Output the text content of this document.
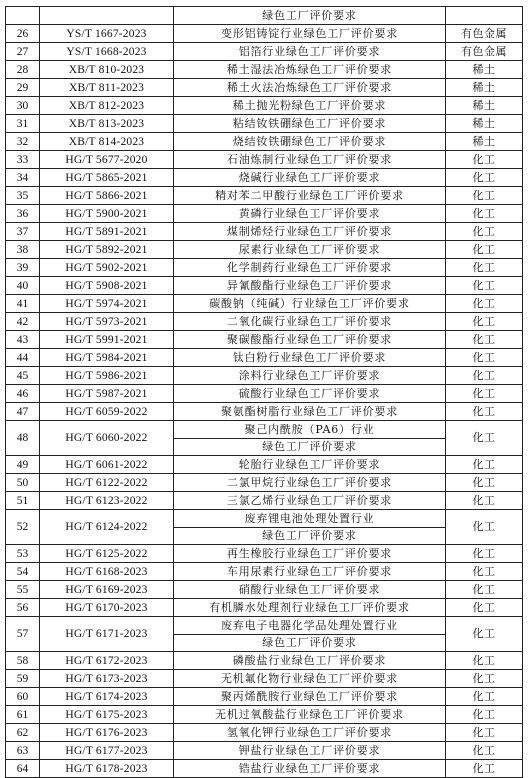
		绿色工厂评价要求	
26	YS/T 1667-2023	变形铝铸锭行业绿色工厂评价要求	有色金属
27	YS/T 1668-2023	铝箔行业绿色工厂评价要求	有色金属
28	XB/T 810-2023	稀土湿法冶炼绿色工厂评价要求	稀土
29	XB/T 811-2023	稀土火法冶炼绿色工厂评价要求	稀土
30	XB/T 812-2023	稀土抛光粉绿色工厂评价要求	稀土
31	XB/T 813-2023	粘结钕铁硼绿色工厂评价要求	稀土
32	XB/T 814-2023	烧结钕铁硼绿色工厂评价要求	稀土
33	HG/T 5677-2020	石油炼制行业绿色工厂评价要求	化工
34	HG/T 5865-2021	烧碱行业绿色工厂评价要求	化工
35	HG/T 5866-2021	精对苯二甲酸行业绿色工厂评价要求	化工
36	HG/T 5900-2021	黄磷行业绿色工厂评价要求	化工
37	HG/T 5891-2021	煤制烯烃行业绿色工厂评价要求	化工
38	HG/T 5892-2021	尿素行业绿色工厂评价要求	化工
39	HG/T 5902-2021	化学制药行业绿色工厂评价要求	化工
40	HG/T 5908-2021	异氰酸酯行业绿色工厂评价要求	化工
41	HG/T 5974-2021	碳酸钠（纯碱）行业绿色工厂评价要求	化工
42	HG/T 5973-2021	二氧化碳行业绿色工厂评价要求	化工
43	HG/T 5991-2021	聚碳酸酯行业绿色工厂评价要求	化工
44	HG/T 5984-2021	钛白粉行业绿色工厂评价要求	化工
45	HG/T 5986-2021	涂料行业绿色工厂评价要求	化工
46	HG/T 5987-2021	硫酸行业绿色工厂评价要求	化工
47	HG/T 6059-2022	聚氨酯树脂行业绿色工厂评价要求	化工
48	HG/T 6060-2022	聚己内酰胺（PA6）行业
绿色工厂评价要求	化工
49	HG/T 6061-2022	轮胎行业绿色工厂评价要求	化工
50	HG/T 6122-2022	二氯甲烷行业绿色工厂评价要求	化工
51	HG/T 6123-2022	三氯乙烯行业绿色工厂评价要求	化工
52	HG/T 6124-2022	废弃锂电池处理处置行业
绿色工厂评价要求	化工
53	HG/T 6125-2022	再生橡胶行业绿色工厂评价要求	化工
54	HG/T 6168-2023	车用尿素行业绿色工厂评价要求	化工
55	HG/T 6169-2023	硝酸行业绿色工厂评价要求	化工
56	HG/T 6170-2023	有机膦水处理剂行业绿色工厂评价要求	化工
57	HG/T 6171-2023	废弃电子电器化学品处理处置行业
绿色工厂评价要求	化工
58	HG/T 6172-2023	磷酸盐行业绿色工厂评价要求	化工
59	HG/T 6173-2023	无机氟化物行业绿色工厂评价要求	化工
60	HG/T 6174-2023	聚丙烯酰胺行业绿色工厂评价要求	化工
61	HG/T 6175-2023	无机过氧酸盐行业绿色工厂评价要求	化工
62	HG/T 6176-2023	氢氧化钾行业绿色工厂评价要求	化工
63	HG/T 6177-2023	钾盐行业绿色工厂评价要求	化工
64	HG/T 6178-2023	锆盐行业绿色工厂评价要求	化工
